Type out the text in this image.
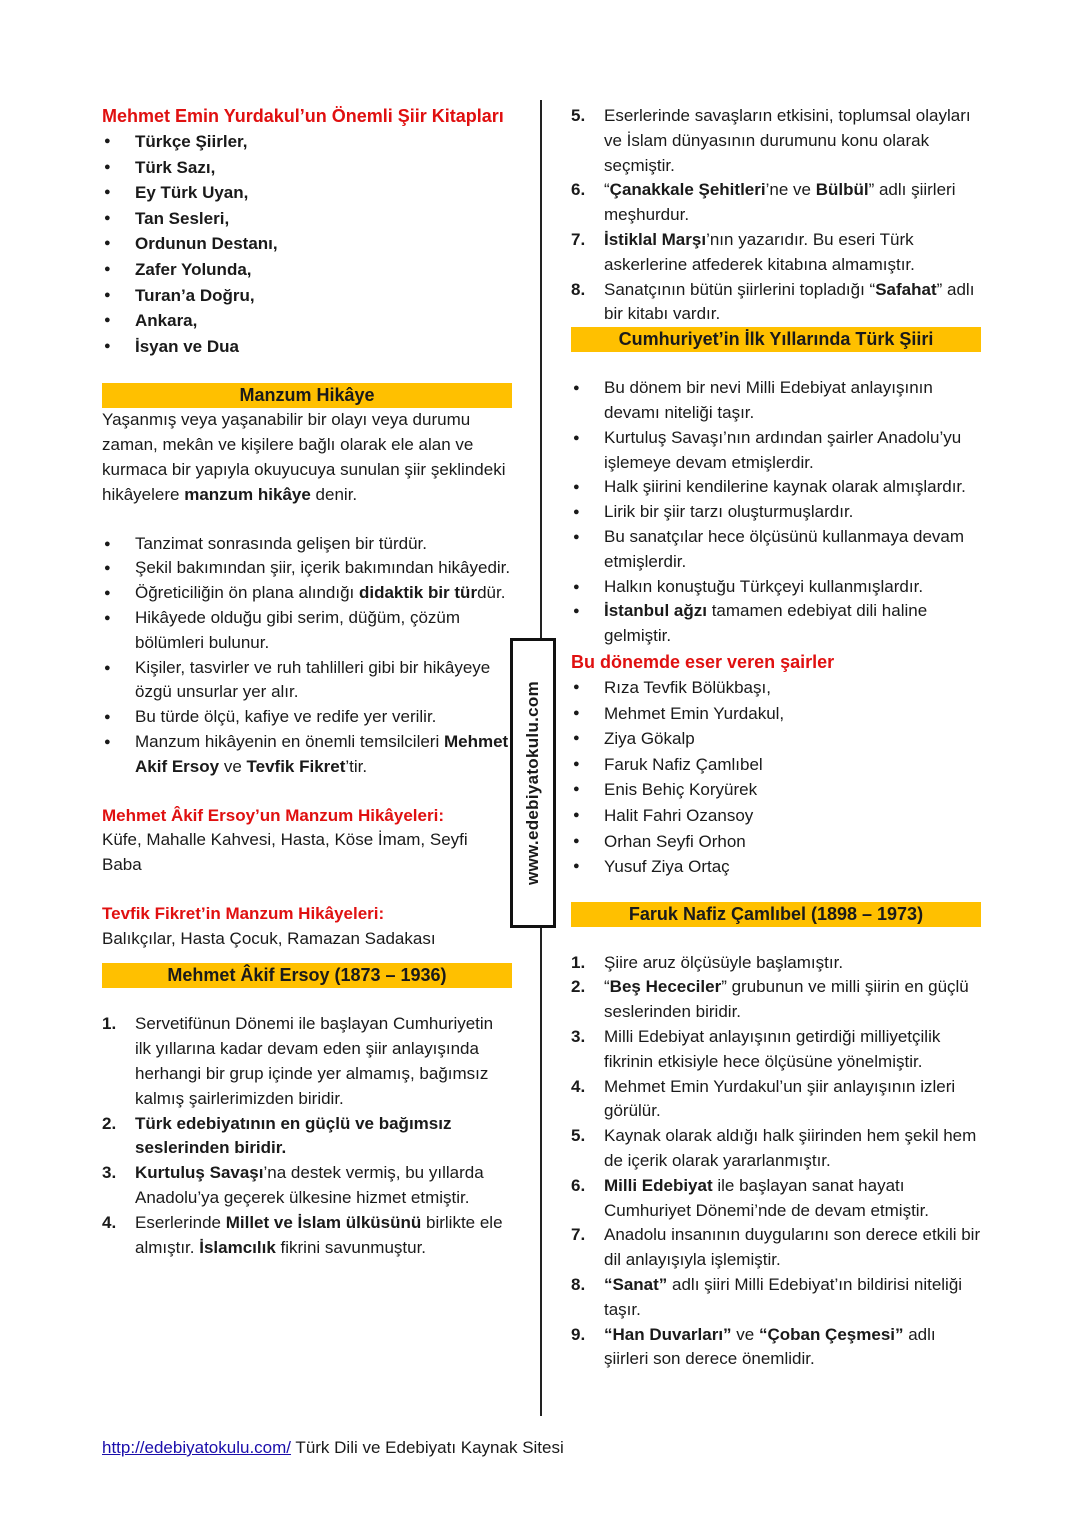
Mehmet Emin Yurdakul’un Önemli Şiir Kitapları

● Türkçe Şiirler,
● Türk Sazı,
● Ey Türk Uyan,
● Tan Sesleri,
● Ordunun Destanı,
● Zafer Yolunda,
● Turan’a Doğru,
● Ankara,
● İsyan ve Dua
Manzum Hikâye

Yaşanmış veya yaşanabilir bir olayı veya durumu zaman, mekân ve kişilere bağlı olarak ele alan ve kurmaca bir yapıyla okuyucuya sunulan şiir şeklindeki hikâyelere manzum hikâye denir.

● Tanzimat sonrasında gelişen bir türdür.
● Şekil bakımından şiir, içerik bakımından hikâyedir.
● Öğreticiliğin ön plana alındığı didaktik bir türdür.
● Hikâyede olduğu gibi serim, düğüm, çözüm bölümleri bulunur.
● Kişiler, tasvirler ve ruh tahlilleri gibi bir hikâyeye özgü unsurlar yer alır.
● Bu türde ölçü, kafiye ve redife yer verilir.
● Manzum hikâyenin en önemli temsilcileri Mehmet Akif Ersoy ve Tevfik Fikret’tir.

Mehmet Âkif Ersoy’un Manzum Hikâyeleri:

Küfe, Mahalle Kahvesi, Hasta, Köse İmam, Seyfi Baba

Tevfik Fikret’in Manzum Hikâyeleri:

Balıkçılar, Hasta Çocuk, Ramazan Sadakası

Mehmet Âkif Ersoy (1873 – 1936)
1. Servetifünun Dönemi ile başlayan Cumhuriyetin ilk yıllarına kadar devam eden şiir anlayışında herhangi bir grup içinde yer almamış, bağımsız kalmış şairlerimizden biridir.
2. Türk edebiyatının en güçlü ve bağımsız seslerinden biridir.
3. Kurtuluş Savaşı’na destek vermiş, bu yıllarda Anadolu’ya geçerek ülkesine hizmet etmiştir.
4. Eserlerinde Millet ve İslam ülküsünü birlikte ele almıştır. İslamcılık fikrini savunmuştur.
www.edebiyatokulu.com
5. Eserlerinde savaşların etkisini, toplumsal olayları ve İslam dünyasının durumunu konu olarak seçmiştir.
6. “Çanakkale Şehitleri’ne ve Bülbül” adlı şiirleri meşhurdur.
7. İstiklal Marşı’nın yazarıdır. Bu eseri Türk askerlerine atfederek kitabına almamıştır.
8. Sanatçının bütün şiirlerini topladığı “Safahat” adlı bir kitabı vardır.
Cumhuriyet’in İlk Yıllarında Türk Şiiri
● Bu dönem bir nevi Milli Edebiyat anlayışının devamı niteliği taşır.
● Kurtuluş Savaşı’nın ardından şairler Anadolu’yu işlemeye devam etmişlerdir.
● Halk şiirini kendilerine kaynak olarak almışlardır.
● Lirik bir şiir tarzı oluşturmuşlardır.
● Bu sanatçılar hece ölçüsünü kullanmaya devam etmişlerdir.
● Halkın konuştuğu Türkçeyi kullanmışlardır.
● İstanbul ağzı tamamen edebiyat dili haline gelmiştir.

Bu dönemde eser veren şairler

● Rıza Tevfik Bölükbaşı,
● Mehmet Emin Yurdakul,
● Ziya Gökalp
● Faruk Nafiz Çamlıbel
● Enis Behiç Koryürek
● Halit Fahri Ozansoy
● Orhan Seyfi Orhon
● Yusuf Ziya Ortaç
Faruk Nafiz Çamlıbel (1898 – 1973)
1. Şiire aruz ölçüsüyle başlamıştır.
2. “Beş Hececiler” grubunun ve milli şiirin en güçlü seslerinden biridir.
3. Milli Edebiyat anlayışının getirdiği milliyetçilik fikrinin etkisiyle hece ölçüsüne yönelmiştir.
4. Mehmet Emin Yurdakul’un şiir anlayışının izleri görülür.
5. Kaynak olarak aldığı halk şiirinden hem şekil hem de içerik olarak yararlanmıştır.
6. Milli Edebiyat ile başlayan sanat hayatı Cumhuriyet Dönemi’nde de devam etmiştir.
7. Anadolu insanının duygularını son derece etkili bir dil anlayışıyla işlemiştir.
8. “Sanat” adlı şiiri Milli Edebiyat’ın bildirisi niteliği taşır.
9. “Han Duvarları” ve “Çoban Çeşmesi” adlı şiirleri son derece önemlidir.
http://edebiyatokulu.com/ Türk Dili ve Edebiyatı Kaynak Sitesi
